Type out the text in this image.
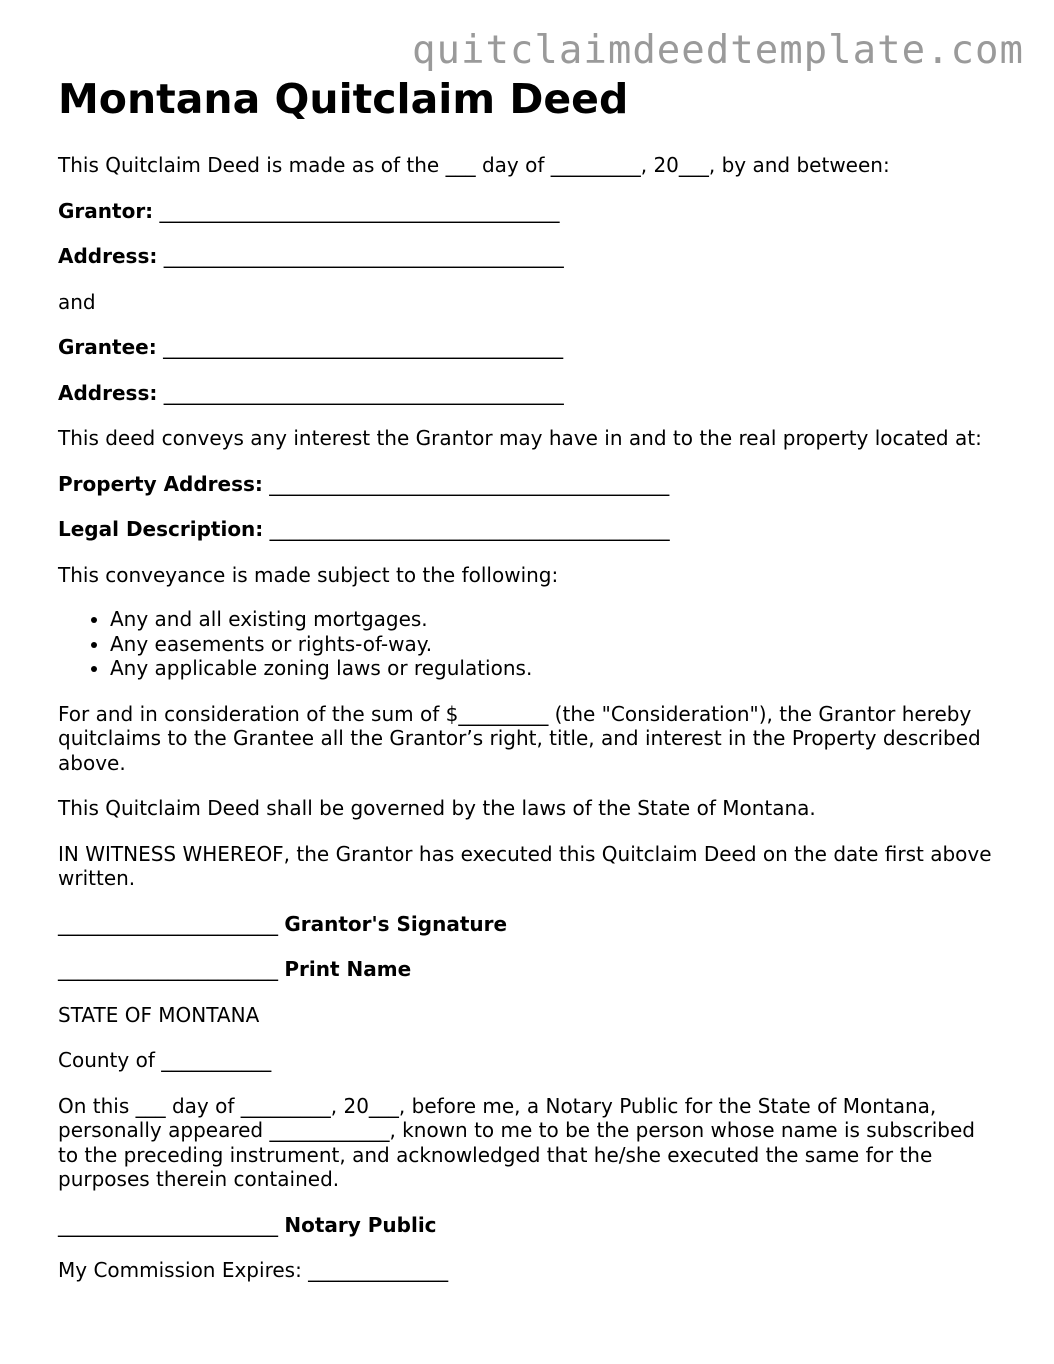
quitclaimdeedtemplate.com
Montana Quitclaim Deed

This Quitclaim Deed is made as of the ___ day of _________, 20___, by and between:

Grantor: ________________________________________

Address: ________________________________________

and

Grantee: ________________________________________

Address: ________________________________________

This deed conveys any interest the Grantor may have in and to the real property located at:

Property Address: ________________________________________

Legal Description: ________________________________________

This conveyance is made subject to the following:

• Any and all existing mortgages.
• Any easements or rights-of-way.
• Any applicable zoning laws or regulations.

For and in consideration of the sum of $_________ (the "Consideration"), the Grantor hereby quitclaims to the Grantee all the Grantor’s right, title, and interest in the Property described above.

This Quitclaim Deed shall be governed by the laws of the State of Montana.

IN WITNESS WHEREOF, the Grantor has executed this Quitclaim Deed on the date first above written.

______________________ Grantor's Signature

______________________ Print Name

STATE OF MONTANA

County of ___________

On this ___ day of _________, 20___, before me, a Notary Public for the State of Montana, personally appeared ____________, known to me to be the person whose name is subscribed to the preceding instrument, and acknowledged that he/she executed the same for the purposes therein contained.

______________________ Notary Public

My Commission Expires: ______________
